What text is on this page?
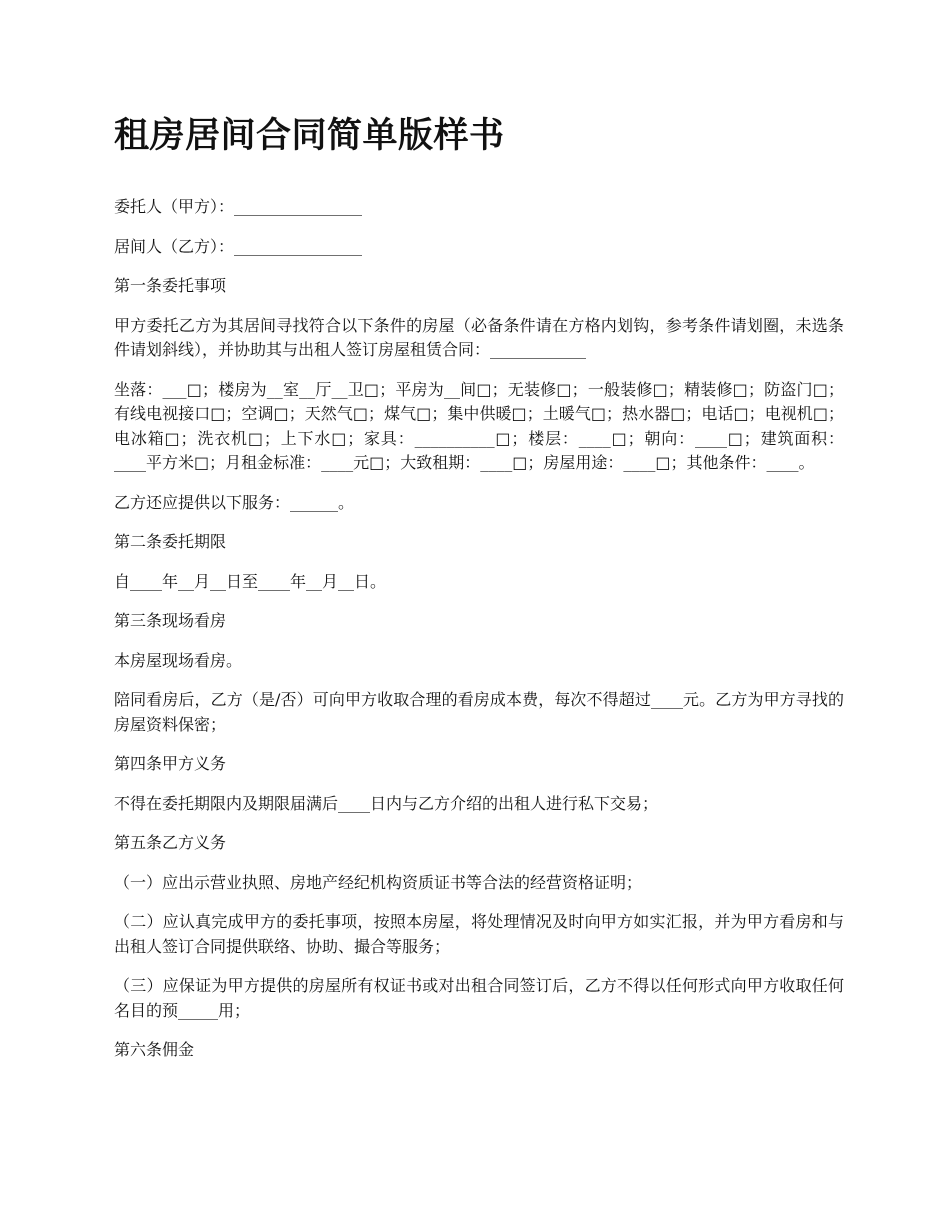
租房居间合同简单版样书

委托人（甲方）：________________

居间人（乙方）：________________

第一条委托事项

甲方委托乙方为其居间寻找符合以下条件的房屋（必备条件请在方格内划钩，参考条件请划圈，未选条件请划斜线），并协助其与出租人签订房屋租赁合同：____________

坐落：___□；楼房为__室__厅__卫□；平房为__间□；无装修□；一般装修□；精装修□；防盗门□；有线电视接口□；空调□；天然气□；煤气□；集中供暖□；土暖气□；热水器□；电话□；电视机□；电冰箱□；洗衣机□；上下水□；家具：__________□；楼层：____□；朝向：____□；建筑面积：____平方米□；月租金标准：____元□；大致租期：____□；房屋用途：____□；其他条件：____。

乙方还应提供以下服务：______。

第二条委托期限

自____年__月__日至____年__月__日。

第三条现场看房

本房屋现场看房。

陪同看房后，乙方（是/否）可向甲方收取合理的看房成本费，每次不得超过____元。乙方为甲方寻找的房屋资料保密；

第四条甲方义务

不得在委托期限内及期限届满后____日内与乙方介绍的出租人进行私下交易；

第五条乙方义务

（一）应出示营业执照、房地产经纪机构资质证书等合法的经营资格证明；

（二）应认真完成甲方的委托事项，按照本房屋，将处理情况及时向甲方如实汇报，并为甲方看房和与出租人签订合同提供联络、协助、撮合等服务；

（三）应保证为甲方提供的房屋所有权证书或对出租合同签订后，乙方不得以任何形式向甲方收取任何名目的预_____用；

第六条佣金
